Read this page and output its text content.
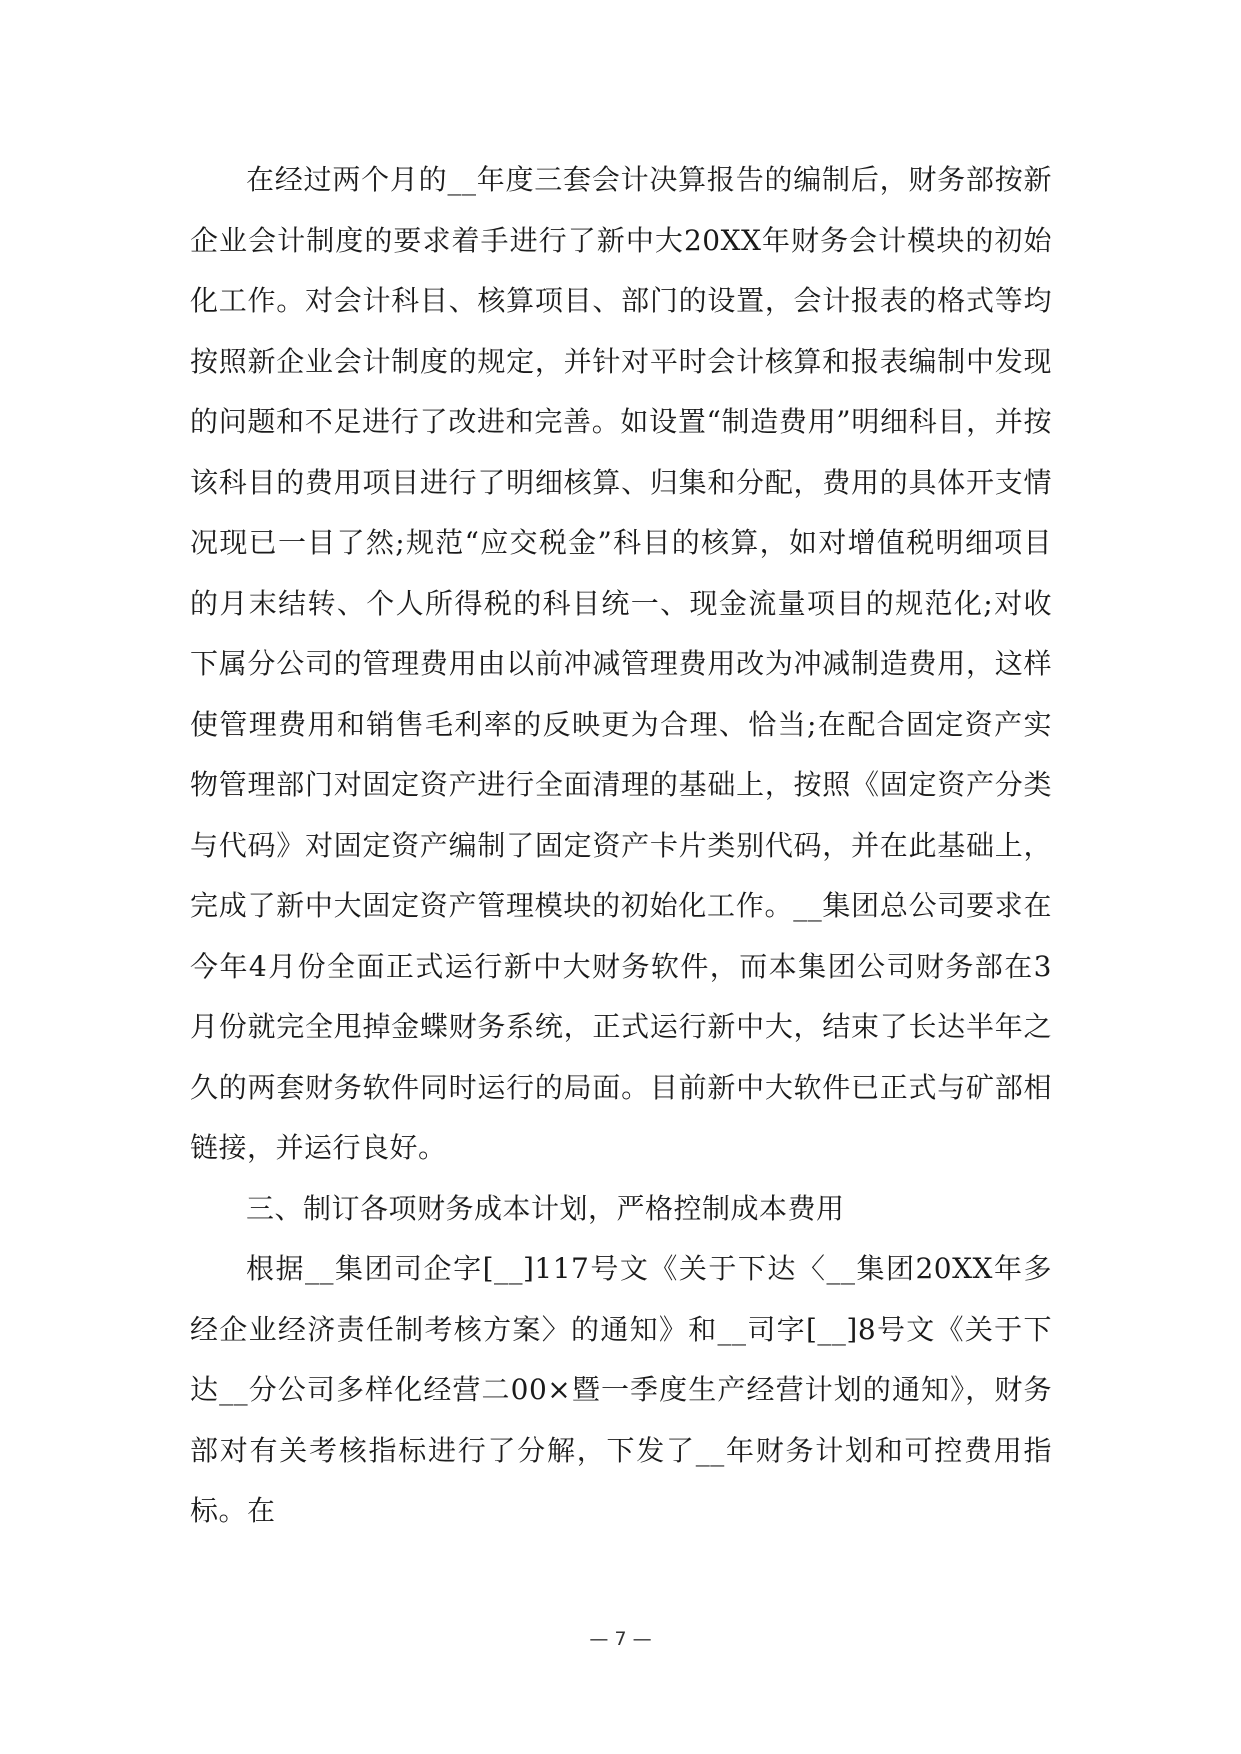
在经过两个月的__年度三套会计决算报告的编制后，财务部按新企业会计制度的要求着手进行了新中大20XX年财务会计模块的初始化工作。对会计科目、核算项目、部门的设置，会计报表的格式等均按照新企业会计制度的规定，并针对平时会计核算和报表编制中发现的问题和不足进行了改进和完善。如设置“制造费用”明细科目，并按该科目的费用项目进行了明细核算、归集和分配，费用的具体开支情况现已一目了然;规范“应交税金”科目的核算，如对增值税明细项目的月末结转、个人所得税的科目统一、现金流量项目的规范化;对收下属分公司的管理费用由以前冲减管理费用改为冲减制造费用，这样使管理费用和销售毛利率的反映更为合理、恰当;在配合固定资产实物管理部门对固定资产进行全面清理的基础上，按照《固定资产分类与代码》对固定资产编制了固定资产卡片类别代码，并在此基础上，完成了新中大固定资产管理模块的初始化工作。__集团总公司要求在今年4月份全面正式运行新中大财务软件，而本集团公司财务部在3月份就完全甩掉金蝶财务系统，正式运行新中大，结束了长达半年之久的两套财务软件同时运行的局面。目前新中大软件已正式与矿部相链接，并运行良好。

三、制订各项财务成本计划，严格控制成本费用

根据__集团司企字[__]117号文《关于下达〈__集团20XX年多经企业经济责任制考核方案〉的通知》和__司字[__]8号文《关于下达__分公司多样化经营二00×暨一季度生产经营计划的通知》，财务部对有关考核指标进行了分解，下发了__年财务计划和可控费用指标。在

— 7 —
